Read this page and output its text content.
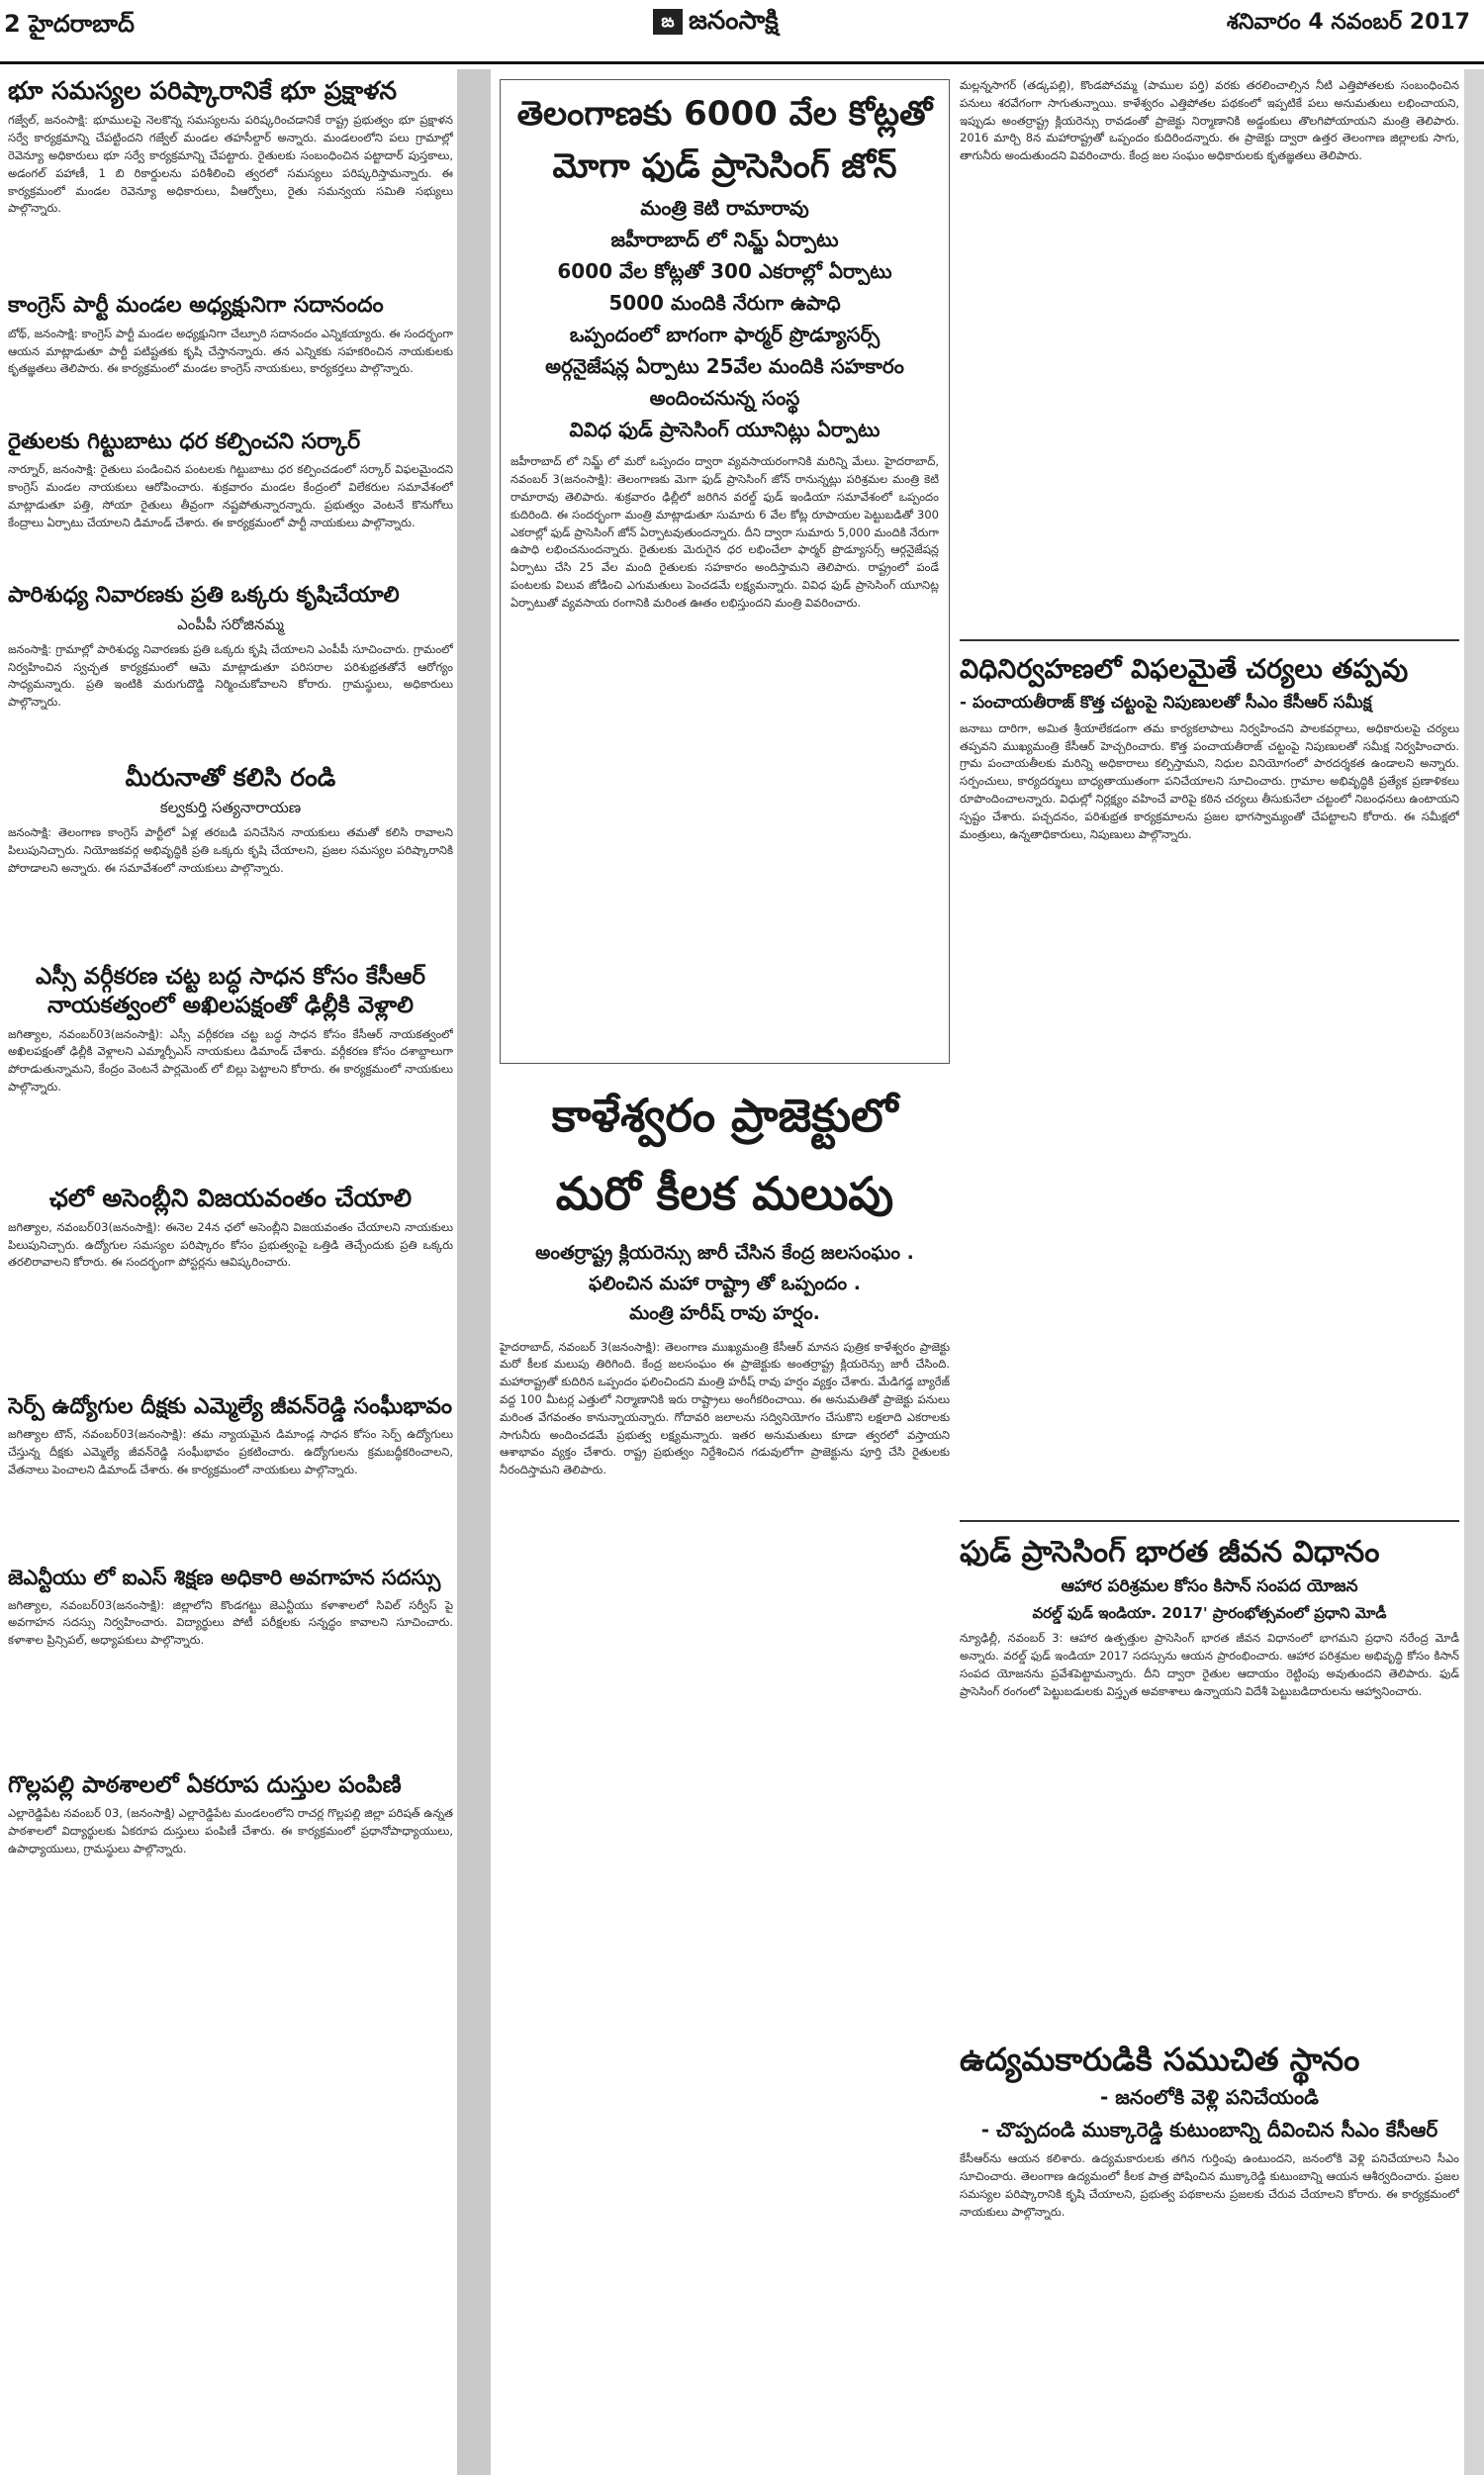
2 హైదరాబాద్	ఙ జనంసాక్షి	శనివారం 4 నవంబర్ 2017
భూ సమస్యల పరిష్కారానికే భూ ప్రక్షాళన
గజ్వేల్, జనంసాక్షి: భూములపై నెలకొన్న సమస్యలను పరిష్కరించడానికే రాష్ట్ర ప్రభుత్వం భూ ప్రక్షాళన సర్వే కార్యక్రమాన్ని చేపట్టిందని గజ్వేల్ మండల తహసీల్దార్ అన్నారు. మండలంలోని పలు గ్రామాల్లో రెవెన్యూ అధికారులు భూ సర్వే కార్యక్రమాన్ని చేపట్టారు. రైతులకు సంబంధించిన పట్టాదార్ పుస్తకాలు, అడంగల్ పహాణీ, 1 బి రికార్డులను పరిశీలించి త్వరలో సమస్యలు పరిష్కరిస్తామన్నారు. ఈ కార్యక్రమంలో మండల రెవెన్యూ అధికారులు, వీఆర్వోలు, రైతు సమన్వయ సమితి సభ్యులు పాల్గొన్నారు.
కాంగ్రెస్ పార్టీ మండల అధ్యక్షునిగా సదానందం
బోథ్, జనంసాక్షి: కాంగ్రెస్ పార్టీ మండల అధ్యక్షునిగా చేల్పూరి సదానందం ఎన్నికయ్యారు. ఈ సందర్భంగా ఆయన మాట్లాడుతూ పార్టీ పటిష్టతకు కృషి చేస్తానన్నారు. తన ఎన్నికకు సహకరించిన నాయకులకు కృతజ్ఞతలు తెలిపారు. ఈ కార్యక్రమంలో మండల కాంగ్రెస్ నాయకులు, కార్యకర్తలు పాల్గొన్నారు.
రైతులకు గిట్టుబాటు ధర కల్పించని సర్కార్
నార్నూర్, జనంసాక్షి: రైతులు పండించిన పంటలకు గిట్టుబాటు ధర కల్పించడంలో సర్కార్ విఫలమైందని కాంగ్రెస్ మండల నాయకులు ఆరోపించారు. శుక్రవారం మండల కేంద్రంలో విలేకరుల సమావేశంలో మాట్లాడుతూ పత్తి, సోయా రైతులు తీవ్రంగా నష్టపోతున్నారన్నారు. ప్రభుత్వం వెంటనే కొనుగోలు కేంద్రాలు ఏర్పాటు చేయాలని డిమాండ్ చేశారు. ఈ కార్యక్రమంలో పార్టీ నాయకులు పాల్గొన్నారు.
పారిశుధ్య నివారణకు ప్రతి ఒక్కరు కృషిచేయాలి
ఎంపీపీ సరోజినమ్మ
జనంసాక్షి: గ్రామాల్లో పారిశుధ్య నివారణకు ప్రతి ఒక్కరు కృషి చేయాలని ఎంపీపీ సూచించారు. గ్రామంలో నిర్వహించిన స్వచ్ఛత కార్యక్రమంలో ఆమె మాట్లాడుతూ పరిసరాల పరిశుభ్రతతోనే ఆరోగ్యం సాధ్యమన్నారు. ప్రతి ఇంటికి మరుగుదొడ్డి నిర్మించుకోవాలని కోరారు. గ్రామస్థులు, అధికారులు పాల్గొన్నారు.
మీరునాతో కలిసి రండి
కల్వకుర్తి సత్యనారాయణ
జనంసాక్షి: తెలంగాణ కాంగ్రెస్ పార్టీలో ఏళ్ల తరబడి పనిచేసిన నాయకులు తమతో కలిసి రావాలని పిలుపునిచ్చారు. నియోజకవర్గ అభివృద్ధికి ప్రతి ఒక్కరు కృషి చేయాలని, ప్రజల సమస్యల పరిష్కారానికి పోరాడాలని అన్నారు. ఈ సమావేశంలో నాయకులు పాల్గొన్నారు.
ఎస్సీ వర్గీకరణ చట్ట బద్ధ సాధన కోసం కేసీఆర్ నాయకత్వంలో అఖిలపక్షంతో ఢిల్లీకి వెళ్లాలి
జగిత్యాల, నవంబర్03(జనంసాక్షి): ఎస్సీ వర్గీకరణ చట్ట బద్ధ సాధన కోసం కేసీఆర్ నాయకత్వంలో అఖిలపక్షంతో ఢిల్లీకి వెళ్లాలని ఎమ్మార్పీఎస్ నాయకులు డిమాండ్ చేశారు. వర్గీకరణ కోసం దశాబ్దాలుగా పోరాడుతున్నామని, కేంద్రం వెంటనే పార్లమెంట్ లో బిల్లు పెట్టాలని కోరారు. ఈ కార్యక్రమంలో నాయకులు పాల్గొన్నారు.
ఛలో అసెంబ్లీని విజయవంతం చేయాలి
జగిత్యాల, నవంబర్03(జనంసాక్షి): ఈనెల 24న ఛలో అసెంబ్లీని విజయవంతం చేయాలని నాయకులు పిలుపునిచ్చారు. ఉద్యోగుల సమస్యల పరిష్కారం కోసం ప్రభుత్వంపై ఒత్తిడి తెచ్చేందుకు ప్రతి ఒక్కరు తరలిరావాలని కోరారు. ఈ సందర్భంగా పోస్టర్లను ఆవిష్కరించారు.
సెర్ప్ ఉద్యోగుల దీక్షకు ఎమ్మెల్యే జీవన్‌రెడ్డి సంఘీభావం
జగిత్యాల టౌన్, నవంబర్03(జనంసాక్షి): తమ న్యాయమైన డిమాండ్ల సాధన కోసం సెర్ప్ ఉద్యోగులు చేస్తున్న దీక్షకు ఎమ్మెల్యే జీవన్‌రెడ్డి సంఘీభావం ప్రకటించారు. ఉద్యోగులను క్రమబద్ధీకరించాలని, వేతనాలు పెంచాలని డిమాండ్ చేశారు. ఈ కార్యక్రమంలో నాయకులు పాల్గొన్నారు.
జెఎన్టీయు లో ఐఎస్ శిక్షణ అధికారి అవగాహన సదస్సు
జగిత్యాల, నవంబర్03(జనంసాక్షి): జిల్లాలోని కొండగట్టు జెఎన్టీయు కళాశాలలో సివిల్ సర్వీస్ పై అవగాహన సదస్సు నిర్వహించారు. విద్యార్థులు పోటీ పరీక్షలకు సన్నద్ధం కావాలని సూచించారు. కళాశాల ప్రిన్సిపల్, అధ్యాపకులు పాల్గొన్నారు.
గొల్లపల్లి పాఠశాలలో ఏకరూప దుస్తుల పంపిణి
ఎల్లారెడ్డిపేట నవంబర్ 03, (జనంసాక్షి) ఎల్లారెడ్డిపేట మండలంలోని రాచర్ల గొల్లపల్లి జిల్లా పరిషత్ ఉన్నత పాఠశాలలో విద్యార్థులకు ఏకరూప దుస్తులు పంపిణీ చేశారు. ఈ కార్యక్రమంలో ప్రధానోపాధ్యాయులు, ఉపాధ్యాయులు, గ్రామస్థులు పాల్గొన్నారు.
తెలంగాణకు 6000 వేల కోట్లతో
మోగా ఫుడ్ ప్రాసెసింగ్ జోన్
మంత్రి కెటి రామారావు
జహీరాబాద్ లో నిమ్జ్ ఏర్పాటు
6000 వేల కోట్లతో 300 ఎకరాల్లో ఏర్పాటు
5000 మందికి నేరుగా ఉపాధి
ఒప్పందంలో బాగంగా ఫార్మర్ ప్రొడ్యూసర్స్
అర్గనైజేషన్ల ఏర్పాటు 25వేల మందికి సహకారం
అందించనున్న సంస్థ
వివిధ ఫుడ్ ప్రాసెసింగ్ యూనిట్లు ఏర్పాటు
జహీరాబాద్ లో నిమ్జ్ లో మరో ఒప్పందం ద్వారా వ్యవసాయరంగానికి మరిన్ని మేలు. హైదరాబాద్, నవంబర్ 3(జనంసాక్షి): తెలంగాణకు మెగా ఫుడ్ ప్రాసెసింగ్ జోన్ రానున్నట్లు పరిశ్రమల మంత్రి కెటి రామారావు తెలిపారు. శుక్రవారం ఢిల్లీలో జరిగిన వరల్డ్ ఫుడ్ ఇండియా సమావేశంలో ఒప్పందం కుదిరింది. ఈ సందర్భంగా మంత్రి మాట్లాడుతూ సుమారు 6 వేల కోట్ల రూపాయల పెట్టుబడితో 300 ఎకరాల్లో ఫుడ్ ప్రాసెసింగ్ జోన్ ఏర్పాటవుతుందన్నారు. దీని ద్వారా సుమారు 5,000 మందికి నేరుగా ఉపాధి లభించనుందన్నారు. రైతులకు మెరుగైన ధర లభించేలా ఫార్మర్ ప్రొడ్యూసర్స్ ఆర్గనైజేషన్ల ఏర్పాటు చేసి 25 వేల మంది రైతులకు సహకారం అందిస్తామని తెలిపారు. రాష్ట్రంలో పండే పంటలకు విలువ జోడించి ఎగుమతులు పెంచడమే లక్ష్యమన్నారు. వివిధ ఫుడ్ ప్రాసెసింగ్ యూనిట్ల ఏర్పాటుతో వ్యవసాయ రంగానికి మరింత ఊతం లభిస్తుందని మంత్రి వివరించారు.
కాళేశ్వరం ప్రాజెక్టులో
మరో కీలక మలుపు
అంతర్రాష్ట్ర క్లియరెన్సు జారీ చేసిన కేంద్ర జలసంఘం .
ఫలించిన మహా రాష్ట్రా తో ఒప్పందం .
మంత్రి హరీష్ రావు హర్షం.
హైదరాబాద్, నవంబర్ 3(జనంసాక్షి): తెలంగాణ ముఖ్యమంత్రి కేసీఆర్ మానస పుత్రిక కాళేశ్వరం ప్రాజెక్టు మరో కీలక మలుపు తిరిగింది. కేంద్ర జలసంఘం ఈ ప్రాజెక్టుకు అంతర్రాష్ట్ర క్లియరెన్సు జారీ చేసింది. మహారాష్ట్రతో కుదిరిన ఒప్పందం ఫలించిందని మంత్రి హరీష్ రావు హర్షం వ్యక్తం చేశారు. మేడిగడ్డ బ్యారేజ్ వద్ద 100 మీటర్ల ఎత్తులో నిర్మాణానికి ఇరు రాష్ట్రాలు అంగీకరించాయి. ఈ అనుమతితో ప్రాజెక్టు పనులు మరింత వేగవంతం కానున్నాయన్నారు. గోదావరి జలాలను సద్వినియోగం చేసుకొని లక్షలాది ఎకరాలకు సాగునీరు అందించడమే ప్రభుత్వ లక్ష్యమన్నారు. ఇతర అనుమతులు కూడా త్వరలో వస్తాయని ఆశాభావం వ్యక్తం చేశారు. రాష్ట్ర ప్రభుత్వం నిర్దేశించిన గడువులోగా ప్రాజెక్టును పూర్తి చేసి రైతులకు నీరందిస్తామని తెలిపారు.
మల్లన్నసాగర్ (తడ్కపల్లి), కొండపోచమ్మ (పాముల పర్తి) వరకు తరలించాల్సిన నీటి ఎత్తిపోతలకు సంబంధించిన పనులు శరవేగంగా సాగుతున్నాయి. కాళేశ్వరం ఎత్తిపోతల పథకంలో ఇప్పటికే పలు అనుమతులు లభించాయని, ఇప్పుడు అంతర్రాష్ట్ర క్లియరెన్సు రావడంతో ప్రాజెక్టు నిర్మాణానికి అడ్డంకులు తొలగిపోయాయని మంత్రి తెలిపారు. 2016 మార్చి 8న మహారాష్ట్రతో ఒప్పందం కుదిరిందన్నారు. ఈ ప్రాజెక్టు ద్వారా ఉత్తర తెలంగాణ జిల్లాలకు సాగు, తాగునీరు అందుతుందని వివరించారు. కేంద్ర జల సంఘం అధికారులకు కృతజ్ఞతలు తెలిపారు.
విధినిర్వహణలో విఫలమైతే చర్యలు తప్పవు
- పంచాయతీరాజ్ కొత్త చట్టంపై నిపుణులతో సీఎం కేసీఆర్ సమీక్ష
జనాబు దారిగా, అమిత శ్రీయాలేకడంగా తమ కార్యకలాపాలు నిర్వహించని పాలకవర్గాలు, అధికారులపై చర్యలు తప్పవని ముఖ్యమంత్రి కేసీఆర్ హెచ్చరించారు. కొత్త పంచాయతీరాజ్ చట్టంపై నిపుణులతో సమీక్ష నిర్వహించారు. గ్రామ పంచాయతీలకు మరిన్ని అధికారాలు కల్పిస్తామని, నిధుల వినియోగంలో పారదర్శకత ఉండాలని అన్నారు. సర్పంచులు, కార్యదర్శులు బాధ్యతాయుతంగా పనిచేయాలని సూచించారు. గ్రామాల అభివృద్ధికి ప్రత్యేక ప్రణాళికలు రూపొందించాలన్నారు. విధుల్లో నిర్లక్ష్యం వహించే వారిపై కఠిన చర్యలు తీసుకునేలా చట్టంలో నిబంధనలు ఉంటాయని స్పష్టం చేశారు. పచ్చదనం, పరిశుభ్రత కార్యక్రమాలను ప్రజల భాగస్వామ్యంతో చేపట్టాలని కోరారు. ఈ సమీక్షలో మంత్రులు, ఉన్నతాధికారులు, నిపుణులు పాల్గొన్నారు.
ఫుడ్ ప్రాసెసింగ్ భారత జీవన విధానం
ఆహార పరిశ్రమల కోసం కిసాన్ సంపద యోజన
వరల్డ్ ఫుడ్ ఇండియా. 2017' ప్రారంభోత్సవంలో ప్రధాని మోడీ
న్యూఢిల్లీ, నవంబర్ 3: ఆహార ఉత్పత్తుల ప్రాసెసింగ్ భారత జీవన విధానంలో భాగమని ప్రధాని నరేంద్ర మోడీ అన్నారు. వరల్డ్ ఫుడ్ ఇండియా 2017 సదస్సును ఆయన ప్రారంభించారు. ఆహార పరిశ్రమల అభివృద్ధి కోసం కిసాన్ సంపద యోజనను ప్రవేశపెట్టామన్నారు. దీని ద్వారా రైతుల ఆదాయం రెట్టింపు అవుతుందని తెలిపారు. ఫుడ్ ప్రాసెసింగ్ రంగంలో పెట్టుబడులకు విస్తృత అవకాశాలు ఉన్నాయని విదేశీ పెట్టుబడిదారులను ఆహ్వానించారు.
ఉద్యమకారుడికి సముచిత స్థానం
- జనంలోకి వెళ్లి పనిచేయండి
- చొప్పదండి ముక్కారెడ్డి కుటుంబాన్ని దీవించిన సీఎం కేసీఆర్
కేసీఆర్‌ను ఆయన కలిశారు. ఉద్యమకారులకు తగిన గుర్తింపు ఉంటుందని, జనంలోకి వెళ్లి పనిచేయాలని సీఎం సూచించారు. తెలంగాణ ఉద్యమంలో కీలక పాత్ర పోషించిన ముక్కారెడ్డి కుటుంబాన్ని ఆయన ఆశీర్వదించారు. ప్రజల సమస్యల పరిష్కారానికి కృషి చేయాలని, ప్రభుత్వ పథకాలను ప్రజలకు చేరువ చేయాలని కోరారు. ఈ కార్యక్రమంలో నాయకులు పాల్గొన్నారు.
